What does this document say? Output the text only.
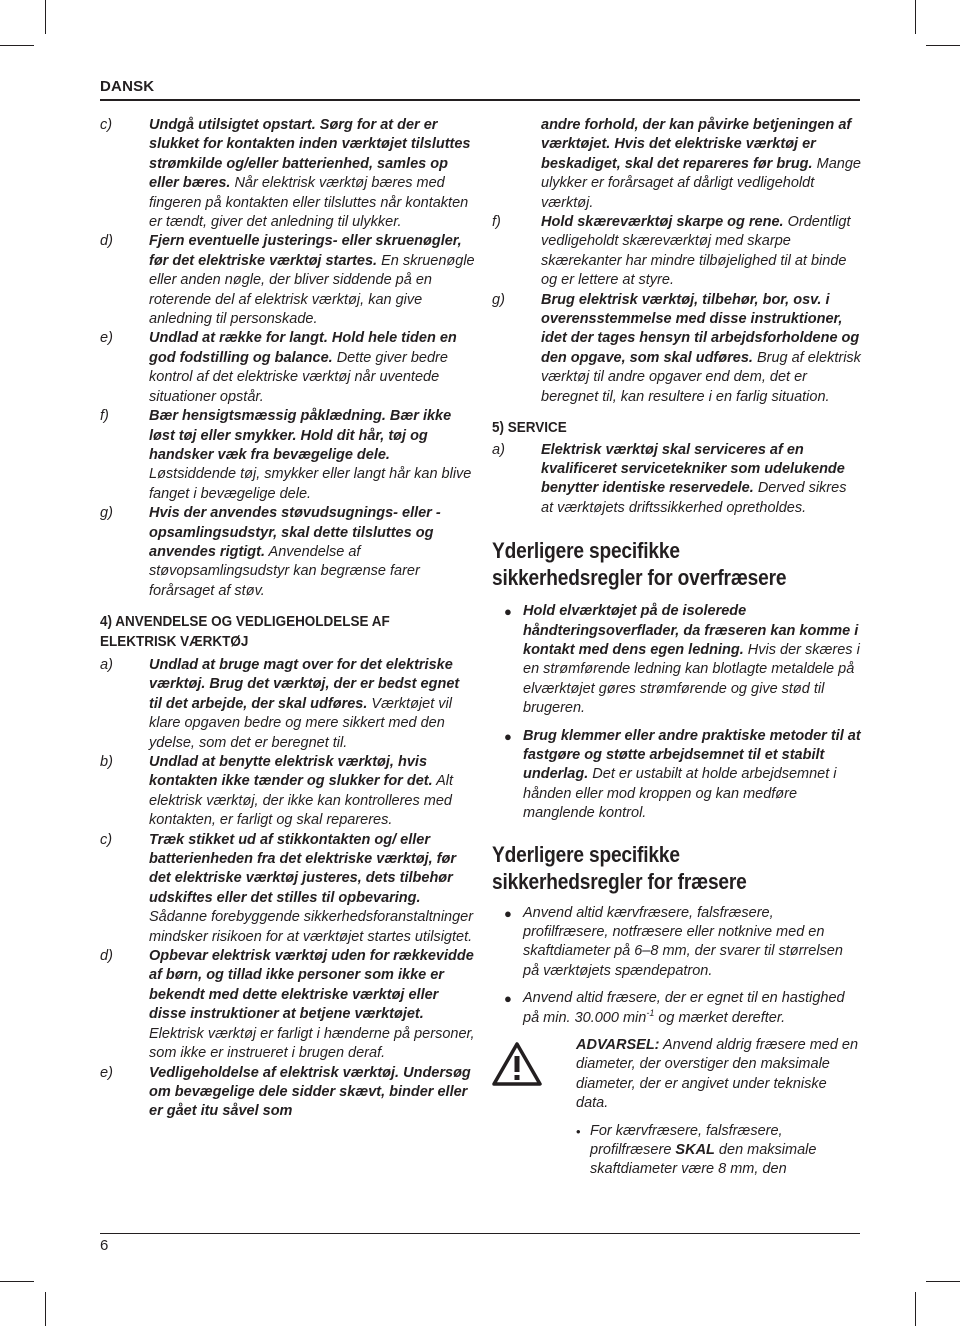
DANSK
c)	Undgå utilsigtet opstart. Sørg for at der er slukket for kontakten inden værktøjet tilsluttes strømkilde og/eller batterienhed, samles op eller bæres. Når elektrisk værktøj bæres med fingeren på kontakten eller tilsluttes når kontakten er tændt, giver det anledning til ulykker.
d)	Fjern eventuelle justerings- eller skruenøgler, før det elektriske værktøj startes. En skruenøgle eller anden nøgle, der bliver siddende på en roterende del af elektrisk værktøj, kan give anledning til personskade.
e)	Undlad at række for langt. Hold hele tiden en god fodstilling og balance. Dette giver bedre kontrol af det elektriske værktøj når uventede situationer opstår.
f)	Bær hensigtsmæssig påklædning. Bær ikke løst tøj eller smykker. Hold dit hår, tøj og handsker væk fra bevægelige dele. Løstsiddende tøj, smykker eller langt hår kan blive fanget i bevægelige dele.
g)	Hvis der anvendes støvudsugnings- eller -opsamlingsudstyr, skal dette tilsluttes og anvendes rigtigt. Anvendelse af støvopsamlingsudstyr kan begrænse farer forårsaget af støv.
4) ANVENDELSE OG VEDLIGEHOLDELSE AF ELEKTRISK VÆRKTØJ
a)	Undlad at bruge magt over for det elektriske værktøj. Brug det værktøj, der er bedst egnet til det arbejde, der skal udføres. Værktøjet vil klare opgaven bedre og mere sikkert med den ydelse, som det er beregnet til.
b)	Undlad at benytte elektrisk værktøj, hvis kontakten ikke tænder og slukker for det. Alt elektrisk værktøj, der ikke kan kontrolleres med kontakten, er farligt og skal repareres.
c)	Træk stikket ud af stikkontakten og/ eller batterienheden fra det elektriske værktøj, før det elektriske værktøj justeres, dets tilbehør udskiftes eller det stilles til opbevaring. Sådanne forebyggende sikkerhedsforanstaltninger mindsker risikoen for at værktøjet startes utilsigtet.
d)	Opbevar elektrisk værktøj uden for rækkevidde af børn, og tillad ikke personer som ikke er bekendt med dette elektriske værktøj eller disse instruktioner at betjene værktøjet. Elektrisk værktøj er farligt i hænderne på personer, som ikke er instrueret i brugen deraf.
e)	Vedligeholdelse af elektrisk værktøj. Undersøg om bevægelige dele sidder skævt, binder eller er gået itu såvel som
andre forhold, der kan påvirke betjeningen af værktøjet. Hvis det elektriske værktøj er beskadiget, skal det repareres før brug. Mange ulykker er forårsaget af dårligt vedligeholdt værktøj.
f)	Hold skæreværktøj skarpe og rene. Ordentligt vedligeholdt skæreværktøj med skarpe skærekanter har mindre tilbøjelighed til at binde og er lettere at styre.
g)	Brug elektrisk værktøj, tilbehør, bor, osv. i overensstemmelse med disse instruktioner, idet der tages hensyn til arbejdsforholdene og den opgave, som skal udføres. Brug af elektrisk værktøj til andre opgaver end dem, det er beregnet til, kan resultere i en farlig situation.
5) SERVICE
a)	Elektrisk værktøj skal serviceres af en kvalificeret servicetekniker som udelukende benytter identiske reservedele. Derved sikres at værktøjets driftssikkerhed opretholdes.
Yderligere specifikke
sikkerhedsregler for overfræsere
● Hold elværktøjet på de isolerede håndteringsoverflader, da fræseren kan komme i kontakt med dens egen ledning. Hvis der skæres i en strømførende ledning kan blotlagte metaldele på elværktøjet gøres strømførende og give stød til brugeren.
● Brug klemmer eller andre praktiske metoder til at fastgøre og støtte arbejdsemnet til et stabilt underlag. Det er ustabilt at holde arbejdsemnet i hånden eller mod kroppen og kan medføre manglende kontrol.
Yderligere specifikke
sikkerhedsregler for fræsere
● Anvend altid kærvfræsere, falsfræsere, profilfræsere, notfræsere eller notknive med en skaftdiameter på 6–8 mm, der svarer til størrelsen på værktøjets spændepatron.
● Anvend altid fræsere, der er egnet til en hastighed på min. 30.000 $\min^{-1}$ og mærket derefter.
ADVARSEL: Anvend aldrig fræsere med en diameter, der overstiger den maksimale diameter, der er angivet under tekniske data.
• For kærvfræsere, falsfræsere, profilfræsere SKAL den maksimale skaftdiameter være 8 mm, den
6
